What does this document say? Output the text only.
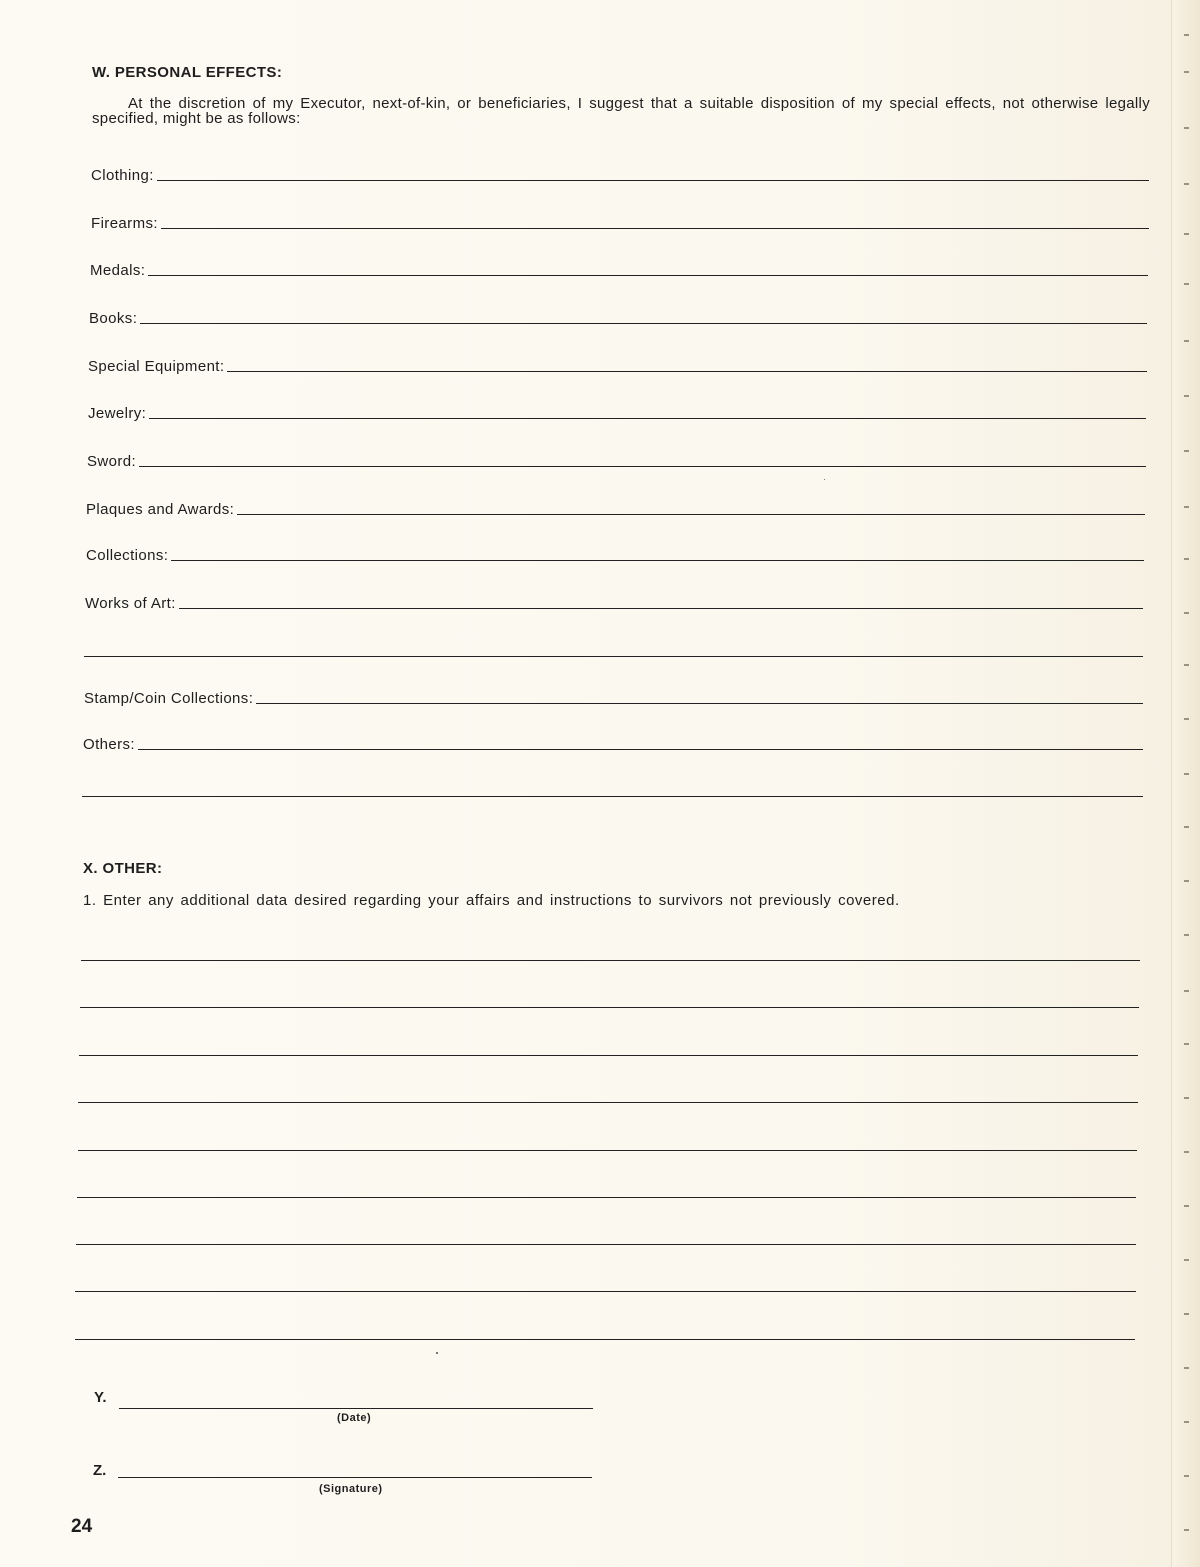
W. PERSONAL EFFECTS:
At the discretion of my Executor, next-of-kin, or beneficiaries, I suggest that a suitable disposition of my special effects, not otherwise legally specified, might be as follows:
Clothing:
Firearms:
Medals:
Books:
Special Equipment:
Jewelry:
Sword:
Plaques and Awards:
Collections:
Works of Art:
Stamp/Coin Collections:
Others:
X. OTHER:
1. Enter any additional data desired regarding your affairs and instructions to survivors not previously covered.
Y.
(Date)
Z.
(Signature)
24
